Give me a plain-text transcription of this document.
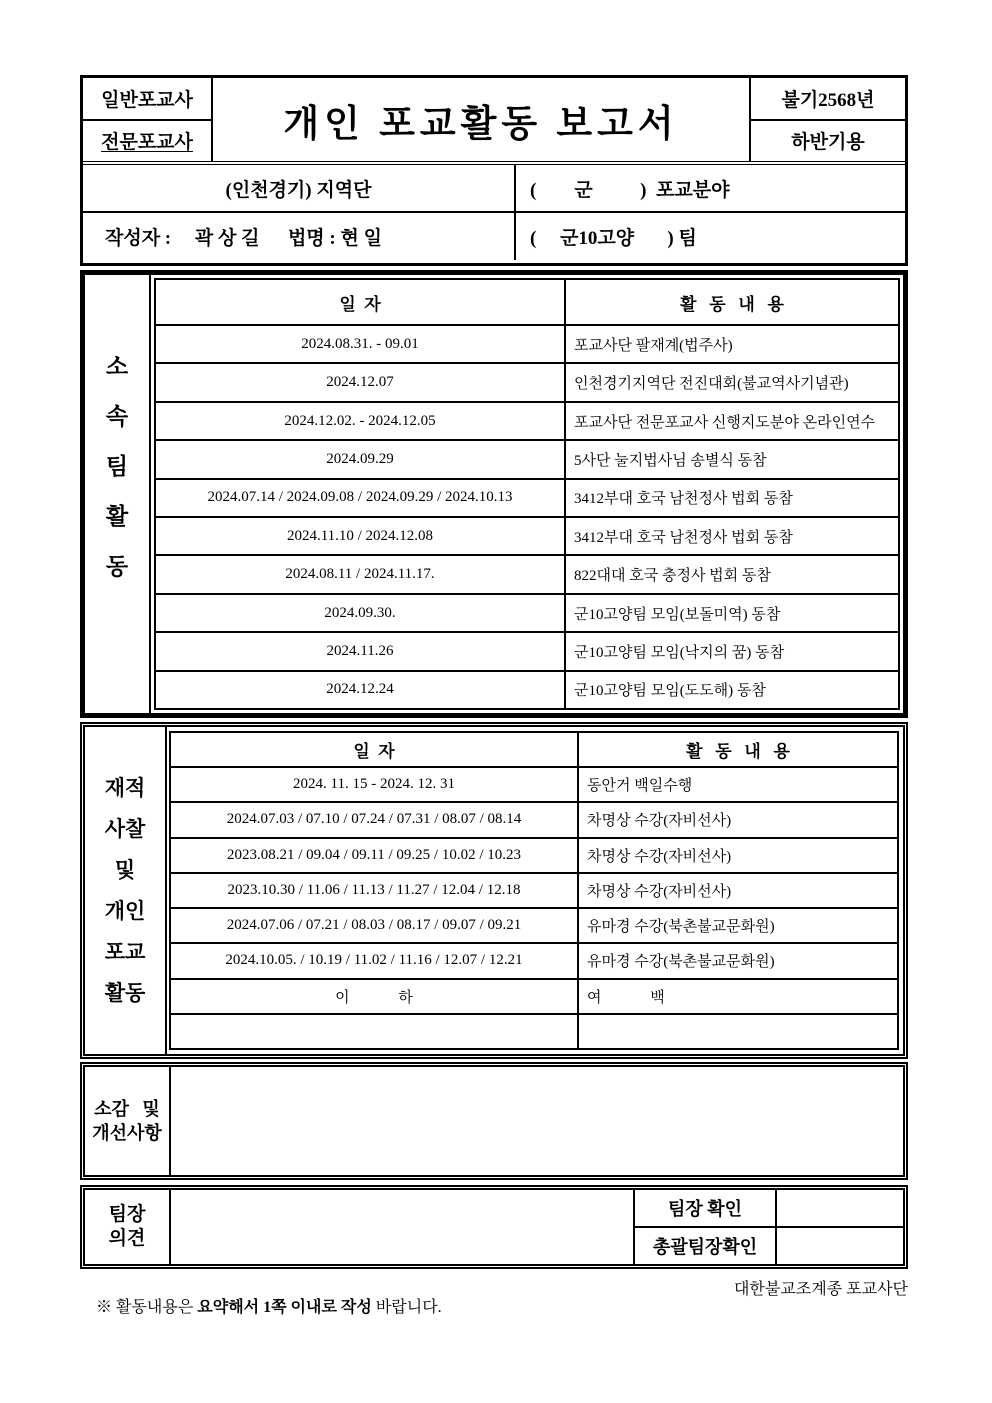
일반포교사
전문포교사	개인 포교활동 보고서
불기2568년
하반기용
(인천경기) 지역단	(        군          )  포교분야
작성자 :     곽 상 길      법명 : 현 일	(     군10고양       ) 팀
소
속
팀
활
동
일  자	활   동   내   용
2024.08.31. - 09.01	포교사단 팔재계(법주사)
2024.12.07	인천경기지역단 전진대회(불교역사기념관)
2024.12.02. - 2024.12.05	포교사단 전문포교사 신행지도분야 온라인연수
2024.09.29	5사단 눌지법사님 송별식 동참
2024.07.14 / 2024.09.08 / 2024.09.29 / 2024.10.13	3412부대 호국 남천정사 법회 동참
2024.11.10 / 2024.12.08	3412부대 호국 남천정사 법회 동참
2024.08.11 / 2024.11.17.	822대대 호국 충정사 법회 동참
2024.09.30.	군10고양팀 모임(보돌미역) 동참
2024.11.26	군10고양팀 모임(낙지의 꿈) 동참
2024.12.24	군10고양팀 모임(도도해) 동참
재적
사찰
및
개인
포교
활동
일  자	활   동   내   용
2024. 11. 15 - 2024. 12. 31	동안거 백일수행
2024.07.03 / 07.10 / 07.24 / 07.31 / 08.07 / 08.14	차명상 수강(자비선사)
2023.08.21 / 09.04 / 09.11 / 09.25 / 10.02 / 10.23	차명상 수강(자비선사)
2023.10.30 / 11.06 / 11.13 / 11.27 / 12.04 / 12.18	차명상 수강(자비선사)
2024.07.06 / 07.21 / 08.03 / 08.17 / 09.07 / 09.21	유마경 수강(북촌불교문화원)
2024.10.05. / 10.19 / 11.02 / 11.16 / 12.07 / 12.21	유마경 수강(북촌불교문화원)
이             하	여             백
소감   및
개선사항
팀장
의견
팀장 확인
총괄팀장확인

※ 활동내용은 요약해서 1쪽 이내로 작성 바랍니다.

대한불교조계종 포교사단
